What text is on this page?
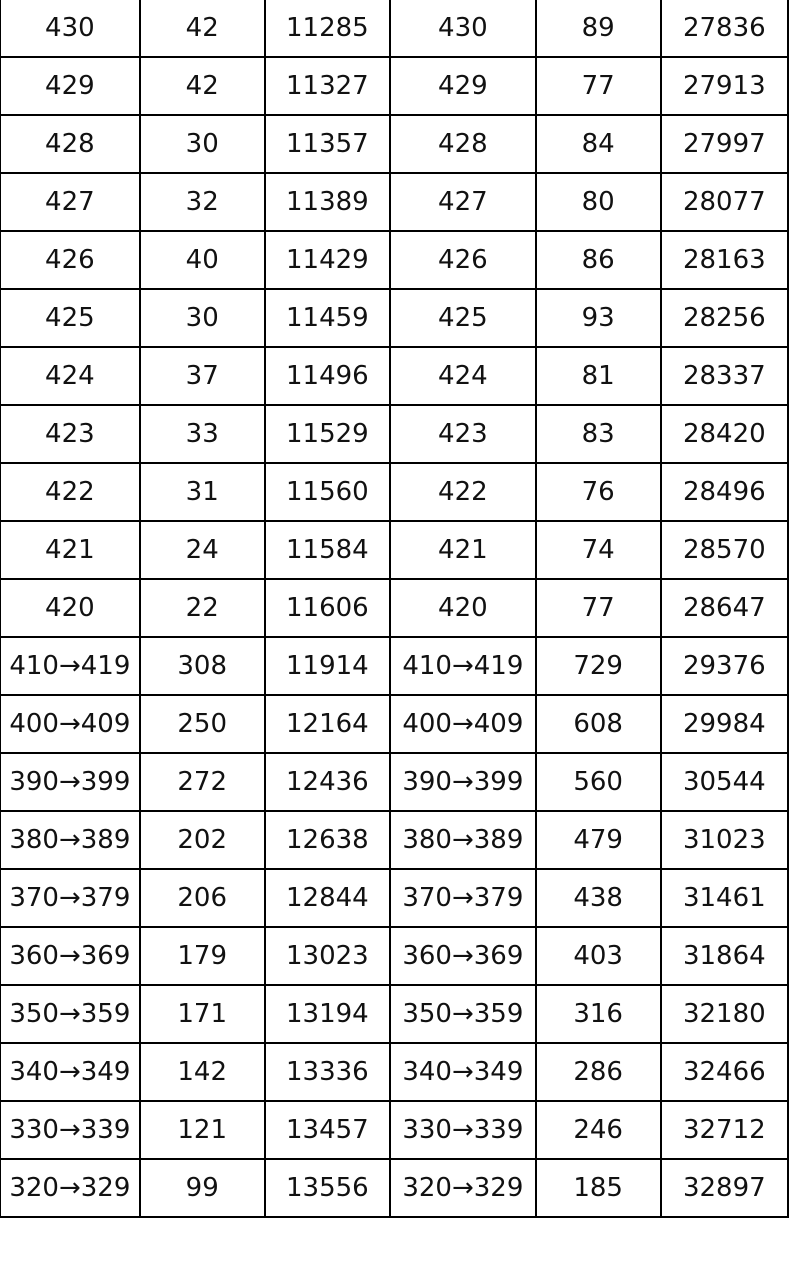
430	42	11285	430	89	27836
429	42	11327	429	77	27913
428	30	11357	428	84	27997
427	32	11389	427	80	28077
426	40	11429	426	86	28163
425	30	11459	425	93	28256
424	37	11496	424	81	28337
423	33	11529	423	83	28420
422	31	11560	422	76	28496
421	24	11584	421	74	28570
420	22	11606	420	77	28647
410→419	308	11914	410→419	729	29376
400→409	250	12164	400→409	608	29984
390→399	272	12436	390→399	560	30544
380→389	202	12638	380→389	479	31023
370→379	206	12844	370→379	438	31461
360→369	179	13023	360→369	403	31864
350→359	171	13194	350→359	316	32180
340→349	142	13336	340→349	286	32466
330→339	121	13457	330→339	246	32712
320→329	99	13556	320→329	185	32897
